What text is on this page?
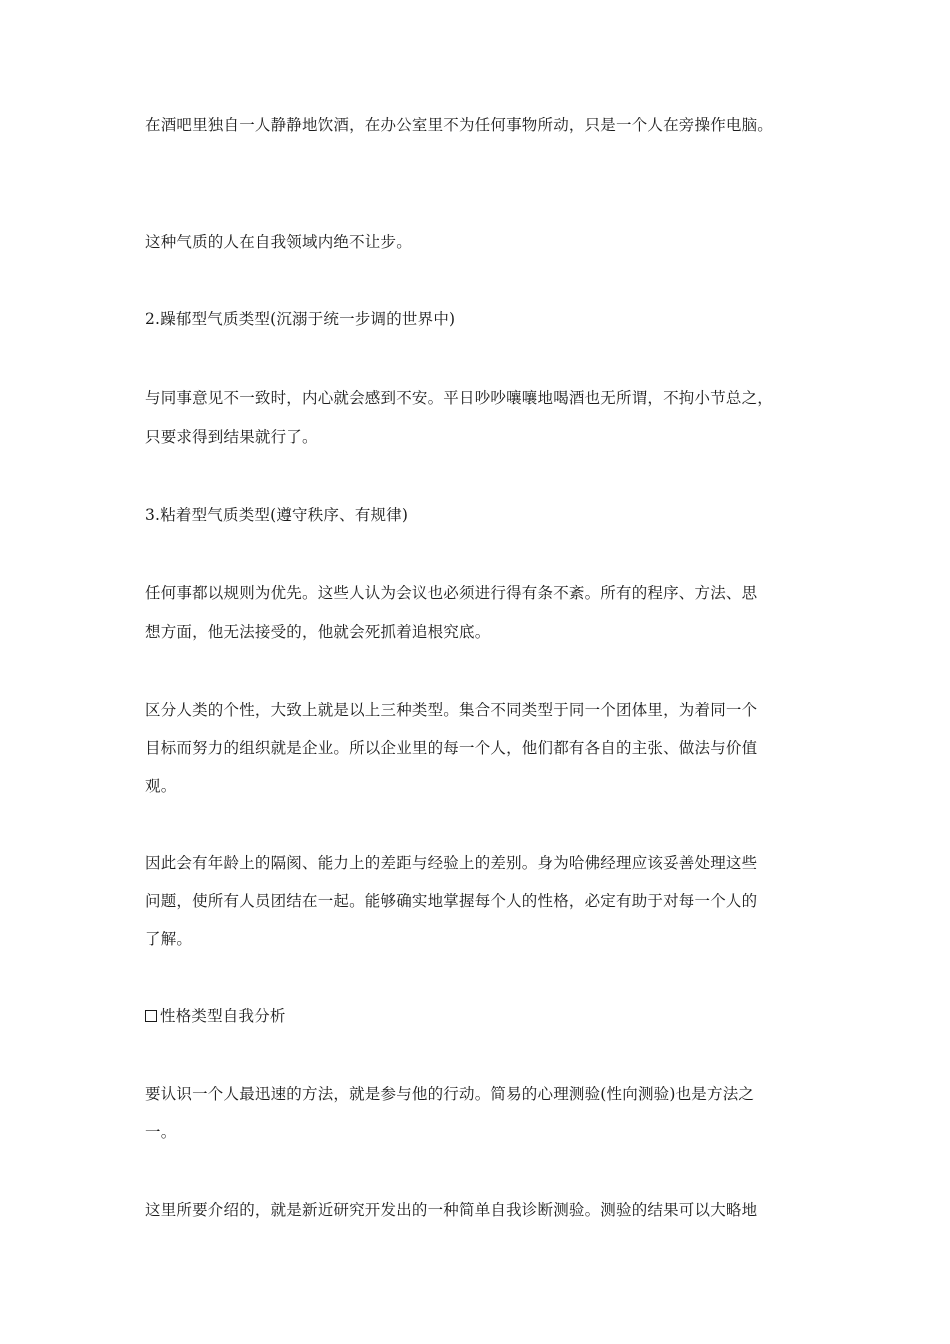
在酒吧里独自一人静静地饮酒，在办公室里不为任何事物所动，只是一个人在旁操作电脑。
这种气质的人在自我领域内绝不让步。
2.躁郁型气质类型(沉溺于统一步调的世界中)
与同事意见不一致时，内心就会感到不安。平日吵吵嚷嚷地喝酒也无所谓，不拘小节总之，
只要求得到结果就行了。
3.粘着型气质类型(遵守秩序、有规律)
任何事都以规则为优先。这些人认为会议也必须进行得有条不紊。所有的程序、方法、思
想方面，他无法接受的，他就会死抓着追根究底。
区分人类的个性，大致上就是以上三种类型。集合不同类型于同一个团体里，为着同一个
目标而努力的组织就是企业。所以企业里的每一个人，他们都有各自的主张、做法与价值
观。
因此会有年龄上的隔阂、能力上的差距与经验上的差别。身为哈佛经理应该妥善处理这些
问题，使所有人员团结在一起。能够确实地掌握每个人的性格，必定有助于对每一个人的
了解。
性格类型自我分析
要认识一个人最迅速的方法，就是参与他的行动。简易的心理测验(性向测验)也是方法之
一。
这里所要介绍的，就是新近研究开发出的一种简单自我诊断测验。测验的结果可以大略地
